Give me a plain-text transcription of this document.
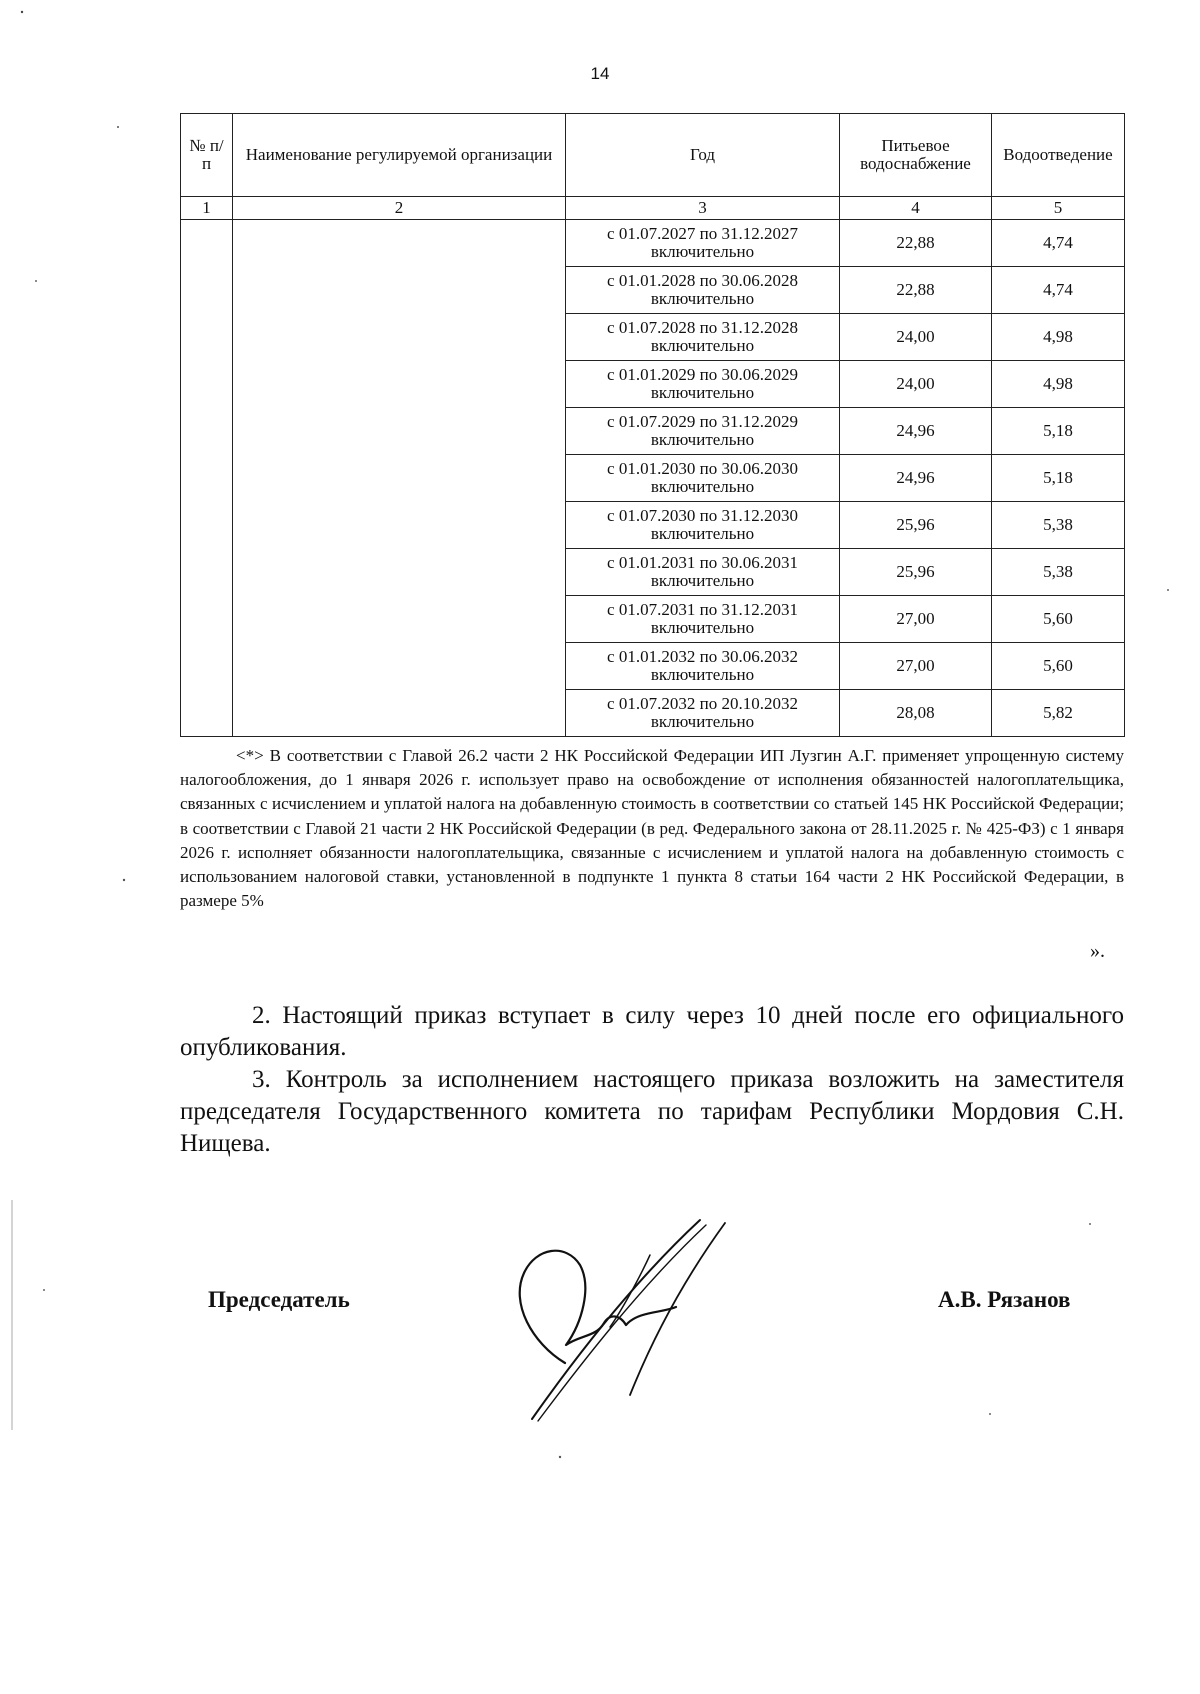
14
№ п/п	Наименование регулируемой организации	Год	Питьевое водоснабжение	Водоотведение
1	2	3	4	5
		с 01.07.2027 по 31.12.2027 включительно	22,88	4,74
		с 01.01.2028 по 30.06.2028 включительно	22,88	4,74
		с 01.07.2028 по 31.12.2028 включительно	24,00	4,98
		с 01.01.2029 по 30.06.2029 включительно	24,00	4,98
		с 01.07.2029 по 31.12.2029 включительно	24,96	5,18
		с 01.01.2030 по 30.06.2030 включительно	24,96	5,18
		с 01.07.2030 по 31.12.2030 включительно	25,96	5,38
		с 01.01.2031 по 30.06.2031 включительно	25,96	5,38
		с 01.07.2031 по 31.12.2031 включительно	27,00	5,60
		с 01.01.2032 по 30.06.2032 включительно	27,00	5,60
		с 01.07.2032 по 20.10.2032 включительно	28,08	5,82

<*> В соответствии с Главой 26.2 части 2 НК Российской Федерации ИП Лузгин А.Г. применяет упрощенную систему налогообложения, до 1 января 2026 г. использует право на освобождение от исполнения обязанностей налогоплательщика, связанных с исчислением и уплатой налога на добавленную стоимость в соответствии со статьей 145 НК Российской Федерации; в соответствии с Главой 21 части 2 НК Российской Федерации (в ред. Федерального закона от 28.11.2025 г. № 425-ФЗ) с 1 января 2026 г. исполняет обязанности налогоплательщика, связанные с исчислением и уплатой налога на добавленную стоимость с использованием налоговой ставки, установленной в подпункте 1 пункта 8 статьи 164 части 2 НК Российской Федерации, в размере 5%

».

2. Настоящий приказ вступает в силу через 10 дней после его официального опубликования.

3. Контроль за исполнением настоящего приказа возложить на заместителя председателя Государственного комитета по тарифам Республики Мордовия С.Н. Нищева.

Председатель	А.В. Рязанов
